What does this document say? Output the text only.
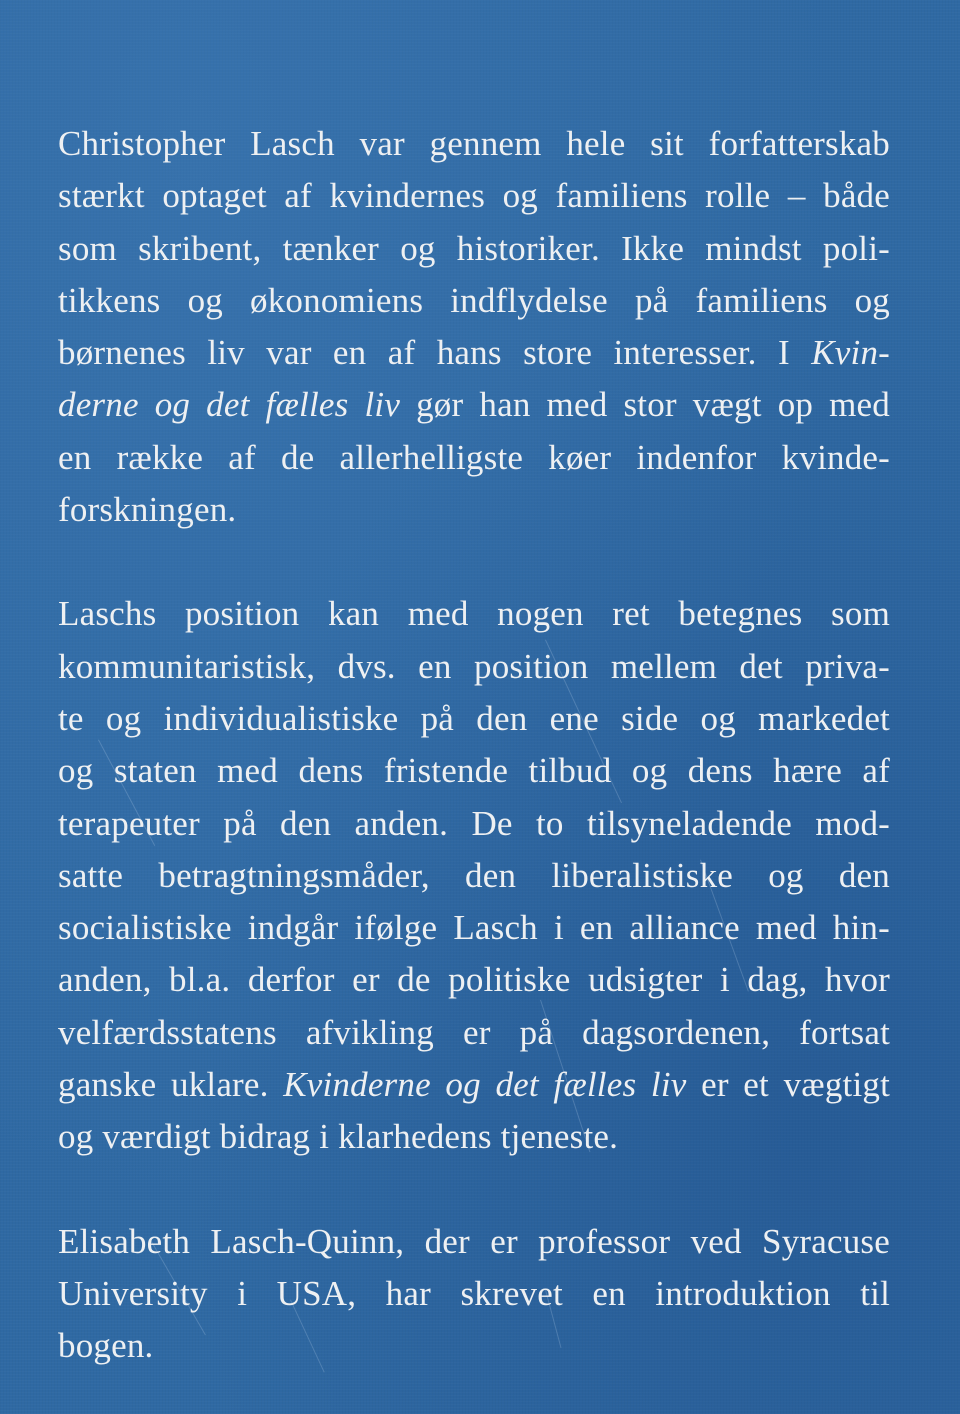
Christopher Lasch var gennem hele sit forfatterskab
stærkt optaget af kvindernes og familiens rolle – både
som skribent, tænker og historiker. Ikke mindst poli-
tikkens og økonomiens indflydelse på familiens og
børnenes liv var en af hans store interesser. I Kvin-
derne og det fælles liv gør han med stor vægt op med
en række af de allerhelligste køer indenfor kvinde-
forskningen.
Laschs position kan med nogen ret betegnes som
kommunitaristisk, dvs. en position mellem det priva-
te og individualistiske på den ene side og markedet
og staten med dens fristende tilbud og dens hære af
terapeuter på den anden. De to tilsyneladende mod-
satte betragtningsmåder, den liberalistiske og den
socialistiske indgår ifølge Lasch i en alliance med hin-
anden, bl.a. derfor er de politiske udsigter i dag, hvor
velfærdsstatens afvikling er på dagsordenen, fortsat
ganske uklare. Kvinderne og det fælles liv er et vægtigt
og værdigt bidrag i klarhedens tjeneste.
Elisabeth Lasch-Quinn, der er professor ved Syracuse
University i USA, har skrevet en introduktion til
bogen.
